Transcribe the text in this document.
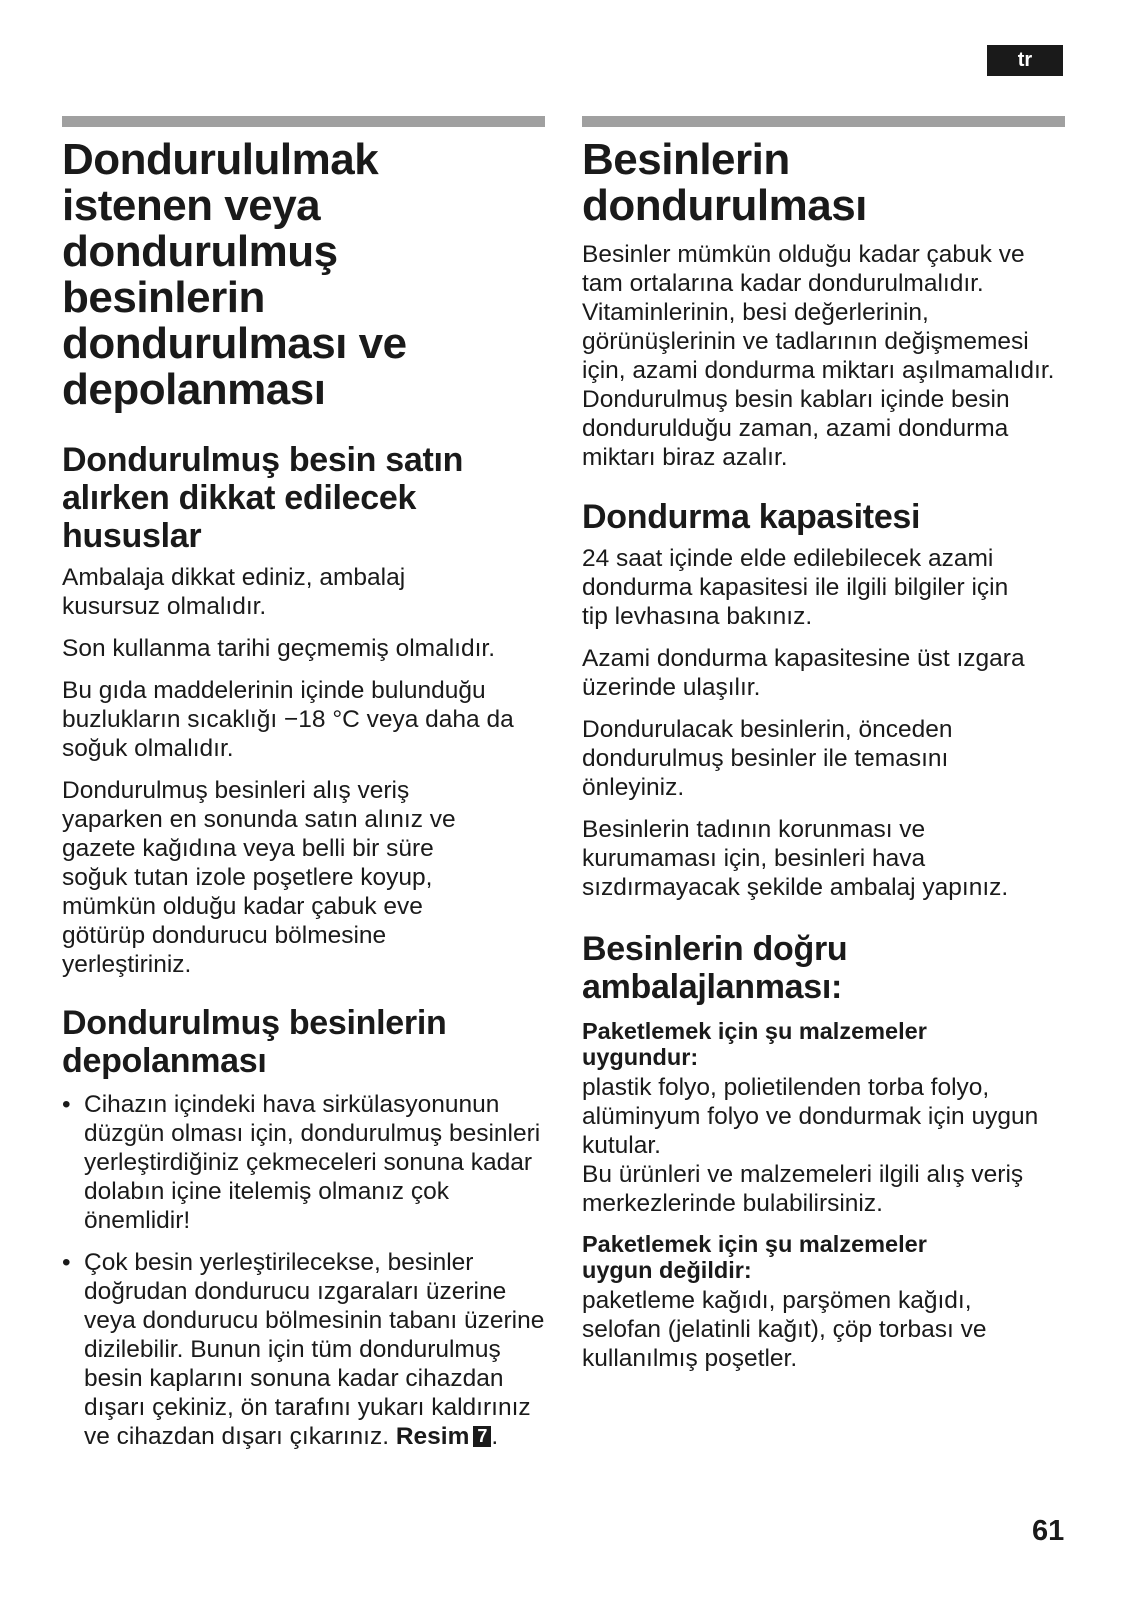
tr
Dondurululmak istenen veya dondurulmuş besinlerin dondurulması ve depolanması
Dondurulmuş besin satın alırken dikkat edilecek hususlar

Ambalaja dikkat ediniz, ambalaj kusursuz olmalıdır.

Son kullanma tarihi geçmemiş olmalıdır.

Bu gıda maddelerinin içinde bulunduğu buzlukların sıcaklığı −18 °C veya daha da soğuk olmalıdır.

Dondurulmuş besinleri alış veriş yaparken en sonunda satın alınız ve gazete kağıdına veya belli bir süre soğuk tutan izole poşetlere koyup, mümkün olduğu kadar çabuk eve götürüp dondurucu bölmesine yerleştiriniz.

Dondurulmuş besinlerin depolanması
• Cihazın içindeki hava sirkülasyonunun düzgün olması için, dondurulmuş besinleri yerleştirdiğiniz çekmeceleri sonuna kadar dolabın içine itelemiş olmanız çok önemlidir!
• Çok besin yerleştirilecekse, besinler doğrudan dondurucu ızgaraları üzerine veya dondurucu bölmesinin tabanı üzerine dizilebilir. Bunun için tüm dondurulmuş besin kaplarını sonuna kadar cihazdan dışarı çekiniz, ön tarafını yukarı kaldırınız ve cihazdan dışarı çıkarınız. Resim 7 .
Besinlerin dondurulması

Besinler mümkün olduğu kadar çabuk ve tam ortalarına kadar dondurulmalıdır. Vitaminlerinin, besi değerlerinin, görünüşlerinin ve tadlarının değişmemesi için, azami dondurma miktarı aşılmamalıdır. Dondurulmuş besin kabları içinde besin dondurulduğu zaman, azami dondurma miktarı biraz azalır.

Dondurma kapasitesi

24 saat içinde elde edilebilecek azami dondurma kapasitesi ile ilgili bilgiler için tip levhasına bakınız.

Azami dondurma kapasitesine üst ızgara üzerinde ulaşılır.

Dondurulacak besinlerin, önceden dondurulmuş besinler ile temasını önleyiniz.

Besinlerin tadının korunması ve kurumaması için, besinleri hava sızdırmayacak şekilde ambalaj yapınız.

Besinlerin doğru ambalajlanması:
Paketlemek için şu malzemeler uygundur:

plastik folyo, polietilenden torba folyo, alüminyum folyo ve dondurmak için uygun kutular.

Bu ürünleri ve malzemeleri ilgili alış veriş merkezlerinde bulabilirsiniz.

Paketlemek için şu malzemeler uygun değildir:

paketleme kağıdı, parşömen kağıdı, selofan (jelatinli kağıt), çöp torbası ve kullanılmış poşetler.

61
